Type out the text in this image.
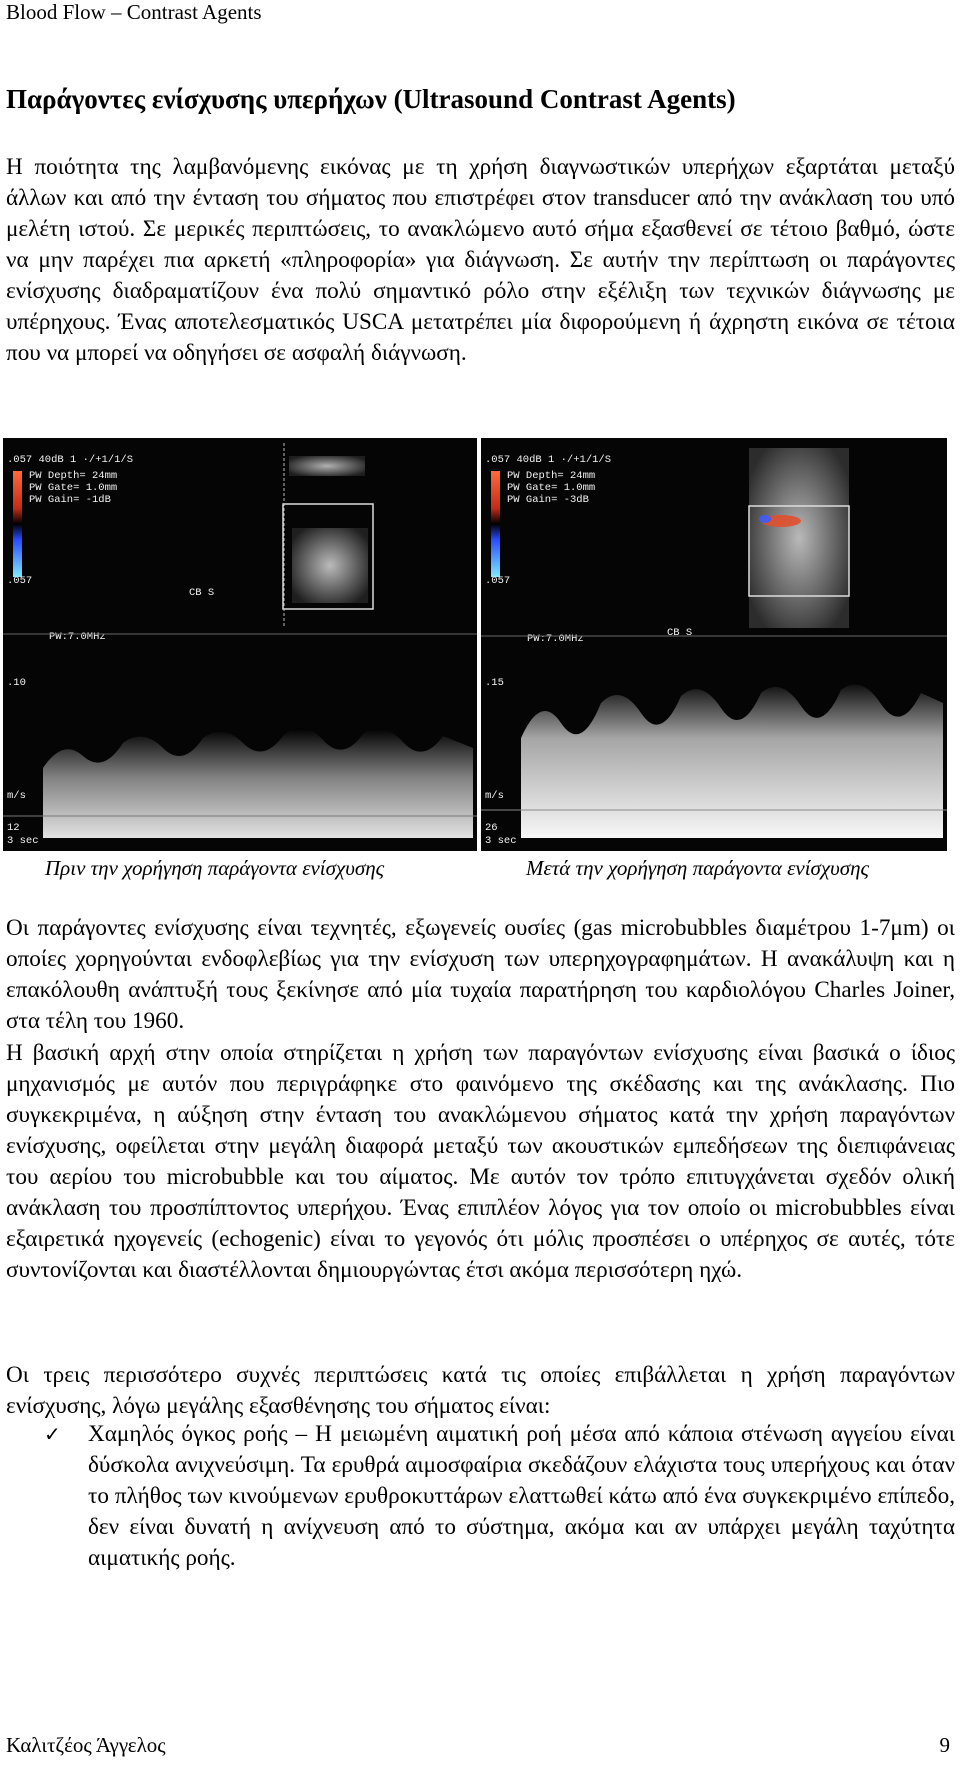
Blood Flow – Contrast Agents
Παράγοντες ενίσχυσης υπερήχων (Ultrasound Contrast Agents)

Η ποιότητα της λαμβανόμενης εικόνας με τη χρήση διαγνωστικών υπερήχων εξαρτάται μεταξύ άλλων και από την ένταση του σήματος που επιστρέφει στον transducer από την ανάκλαση του υπό μελέτη ιστού. Σε μερικές περιπτώσεις, το ανακλώμενο αυτό σήμα εξασθενεί σε τέτοιο βαθμό, ώστε να μην παρέχει πια αρκετή «πληροφορία» για διάγνωση. Σε αυτήν την περίπτωση οι παράγοντες ενίσχυσης διαδραματίζουν ένα πολύ σημαντικό ρόλο στην εξέλιξη των τεχνικών διάγνωσης με υπέρηχους. Ένας αποτελεσματικός USCA μετατρέπει μία διφορούμενη ή άχρηστη εικόνα σε τέτοια που να μπορεί να οδηγήσει σε ασφαλή διάγνωση.

.057 40dB 1 ·/+1/1/S
PW Depth= 24mm
PW Gate= 1.0mm
PW Gain= -1dB
.057
CB S
PW:7.0MHz
.10
m/s
12
3 sec
.057 40dB 1 ·/+1/1/S
PW Depth= 24mm
PW Gate= 1.0mm
PW Gain= -3dB
.057
CB S
PW:7.0MHz
.15
m/s
26
3 sec
Πριν την χορήγηση παράγοντα ενίσχυσης	Μετά την χορήγηση παράγοντα ενίσχυσης

Οι παράγοντες ενίσχυσης είναι τεχνητές, εξωγενείς ουσίες (gas microbubbles διαμέτρου 1-7μm) οι οποίες χορηγούνται ενδοφλεβίως για την ενίσχυση των υπερηχογραφημάτων. Η ανακάλυψη και η επακόλουθη ανάπτυξή τους ξεκίνησε από μία τυχαία παρατήρηση του καρδιολόγου Charles Joiner, στα τέλη του 1960.

Η βασική αρχή στην οποία στηρίζεται η χρήση των παραγόντων ενίσχυσης είναι βασικά ο ίδιος μηχανισμός με αυτόν που περιγράφηκε στο φαινόμενο της σκέδασης και της ανάκλασης. Πιο συγκεκριμένα, η αύξηση στην ένταση του ανακλώμενου σήματος κατά την χρήση παραγόντων ενίσχυσης, οφείλεται στην μεγάλη διαφορά μεταξύ των ακουστικών εμπεδήσεων της διεπιφάνειας του αερίου του microbubble και του αίματος. Με αυτόν τον τρόπο επιτυγχάνεται σχεδόν ολική ανάκλαση του προσπίπτοντος υπερήχου. Ένας επιπλέον λόγος για τον οποίο οι microbubbles είναι εξαιρετικά ηχογενείς (echogenic) είναι το γεγονός ότι μόλις προσπέσει ο υπέρηχος σε αυτές, τότε συντονίζονται και διαστέλλονται δημιουργώντας έτσι ακόμα περισσότερη ηχώ.

Οι τρεις περισσότερο συχνές περιπτώσεις κατά τις οποίες επιβάλλεται η χρήση παραγόντων ενίσχυσης, λόγω μεγάλης εξασθένησης του σήματος είναι:

✓ Χαμηλός όγκος ροής – Η μειωμένη αιματική ροή μέσα από κάποια στένωση αγγείου είναι δύσκολα ανιχνεύσιμη. Τα ερυθρά αιμοσφαίρια σκεδάζουν ελάχιστα τους υπερήχους και όταν το πλήθος των κινούμενων ερυθροκυττάρων ελαττωθεί κάτω από ένα συγκεκριμένο επίπεδο, δεν είναι δυνατή η ανίχνευση από το σύστημα, ακόμα και αν υπάρχει μεγάλη ταχύτητα αιματικής ροής.
Καλιτζέος Άγγελος	9
